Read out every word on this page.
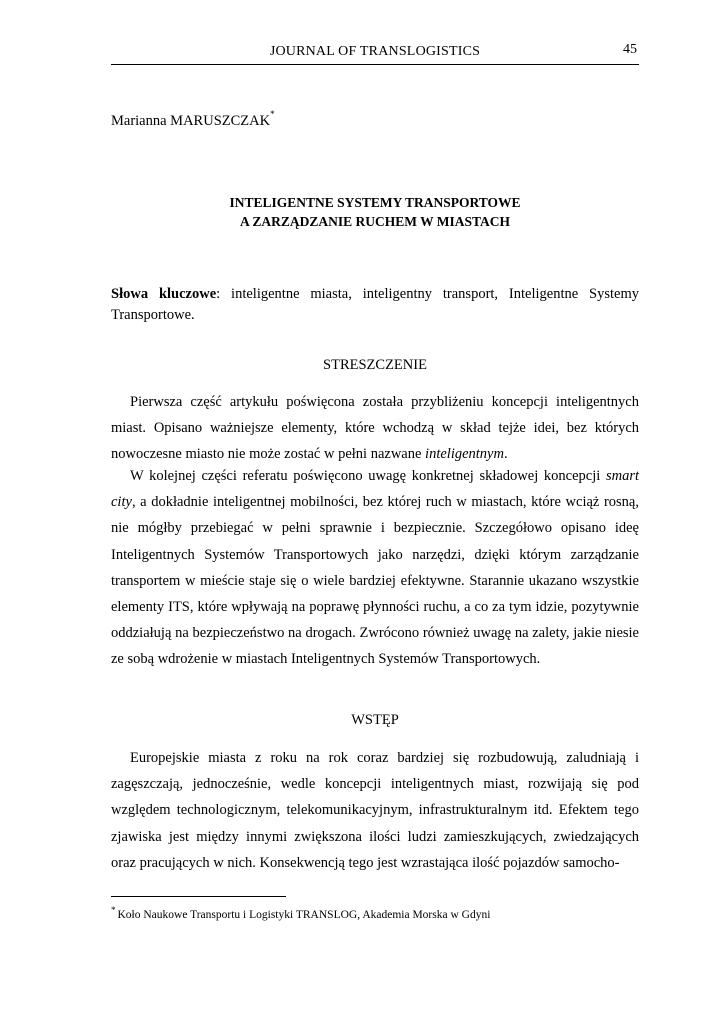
JOURNAL OF TRANSLOGISTICS	45
Marianna MARUSZCZAK*
INTELIGENTNE SYSTEMY TRANSPORTOWE
A ZARZĄDZANIE RUCHEM W MIASTACH
Słowa kluczowe: inteligentne miasta, inteligentny transport, Inteligentne Systemy Transportowe.
STRESZCZENIE

Pierwsza część artykułu poświęcona została przybliżeniu koncepcji inteligentnych miast. Opisano ważniejsze elementy, które wchodzą w skład tejże idei, bez których nowoczesne miasto nie może zostać w pełni nazwane inteligentnym.

W kolejnej części referatu poświęcono uwagę konkretnej składowej koncepcji smart city, a dokładnie inteligentnej mobilności, bez której ruch w miastach, które wciąż rosną, nie mógłby przebiegać w pełni sprawnie i bezpiecznie. Szczegółowo opisano ideę Inteligentnych Systemów Transportowych jako narzędzi, dzięki którym zarządzanie transportem w mieście staje się o wiele bardziej efektywne. Starannie ukazano wszystkie elementy ITS, które wpływają na poprawę płynności ruchu, a co za tym idzie, pozytywnie oddziałują na bezpieczeństwo na drogach. Zwrócono również uwagę na zalety, jakie niesie ze sobą wdrożenie w miastach Inteligentnych Systemów Transportowych.

WSTĘP

Europejskie miasta z roku na rok coraz bardziej się rozbudowują, zaludniają i zagęszczają, jednocześnie, wedle koncepcji inteligentnych miast, rozwijają się pod względem technologicznym, telekomunikacyjnym, infrastrukturalnym itd. Efektem tego zjawiska jest między innymi zwiększona ilości ludzi zamieszkujących, zwiedzających oraz pracujących w nich. Konsekwencją tego jest wzrastająca ilość pojazdów samocho-

* Koło Naukowe Transportu i Logistyki TRANSLOG, Akademia Morska w Gdyni
